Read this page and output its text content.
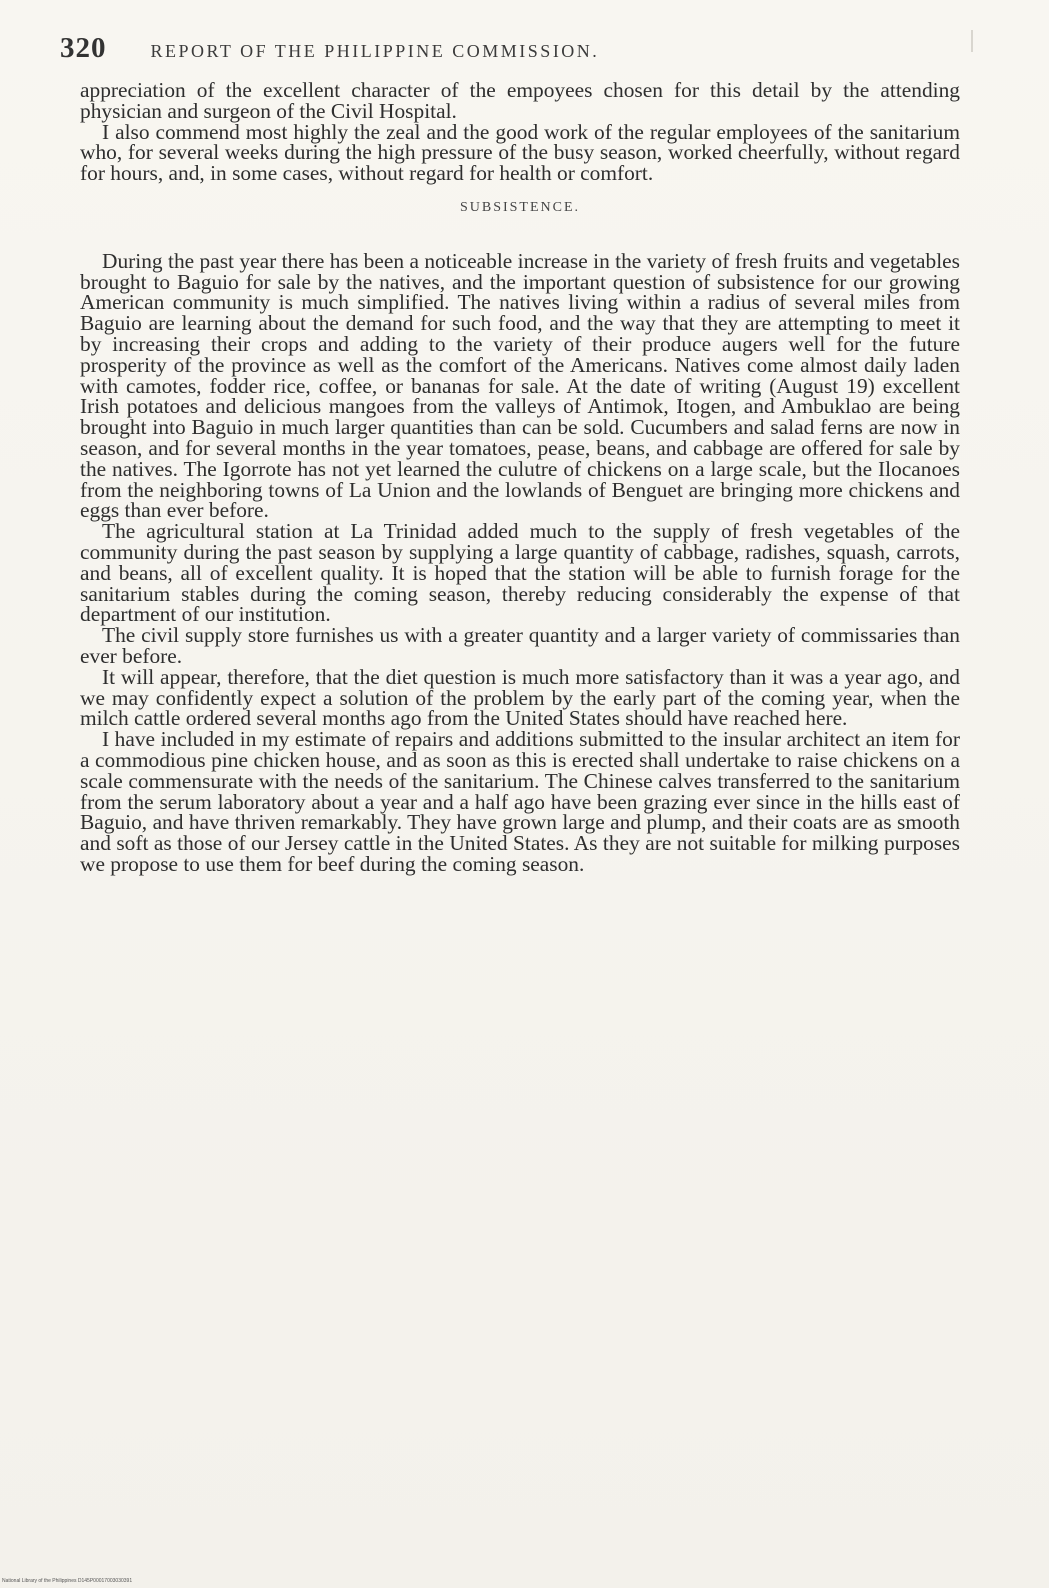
320 REPORT OF THE PHILIPPINE COMMISSION.

appreciation of the excellent character of the empoyees chosen for this detail by the attending physician and surgeon of the Civil Hospital.

I also commend most highly the zeal and the good work of the regular employees of the sanitarium who, for several weeks during the high pressure of the busy season, worked cheerfully, without regard for hours, and, in some cases, without regard for health or comfort.

SUBSISTENCE.

During the past year there has been a noticeable increase in the variety of fresh fruits and vegetables brought to Baguio for sale by the natives, and the important question of subsistence for our growing American community is much simplified. The natives living within a radius of several miles from Baguio are learning about the demand for such food, and the way that they are attempting to meet it by increasing their crops and adding to the variety of their produce augers well for the future prosperity of the province as well as the comfort of the Americans. Natives come almost daily laden with camotes, fodder rice, coffee, or bananas for sale. At the date of writing (August 19) excellent Irish potatoes and delicious mangoes from the valleys of Antimok, Itogen, and Ambuklao are being brought into Baguio in much larger quantities than can be sold. Cucumbers and salad ferns are now in season, and for several months in the year tomatoes, pease, beans, and cabbage are offered for sale by the natives. The Igorrote has not yet learned the culutre of chickens on a large scale, but the Ilocanoes from the neighboring towns of La Union and the lowlands of Benguet are bringing more chickens and eggs than ever before.

The agricultural station at La Trinidad added much to the supply of fresh vegetables of the community during the past season by supplying a large quantity of cabbage, radishes, squash, carrots, and beans, all of excellent quality. It is hoped that the station will be able to furnish forage for the sanitarium stables during the coming season, thereby reducing considerably the expense of that department of our institution.

The civil supply store furnishes us with a greater quantity and a larger variety of commissaries than ever before.

It will appear, therefore, that the diet question is much more satisfactory than it was a year ago, and we may confidently expect a solution of the problem by the early part of the coming year, when the milch cattle ordered several months ago from the United States should have reached here.

I have included in my estimate of repairs and additions submitted to the insular architect an item for a commodious pine chicken house, and as soon as this is erected shall undertake to raise chickens on a scale commensurate with the needs of the sanitarium. The Chinese calves transferred to the sanitarium from the serum laboratory about a year and a half ago have been grazing ever since in the hills east of Baguio, and have thriven remarkably. They have grown large and plump, and their coats are as smooth and soft as those of our Jersey cattle in the United States. As they are not suitable for milking purposes we propose to use them for beef during the coming season.

National Library of the Philippines D145P00017003030391
